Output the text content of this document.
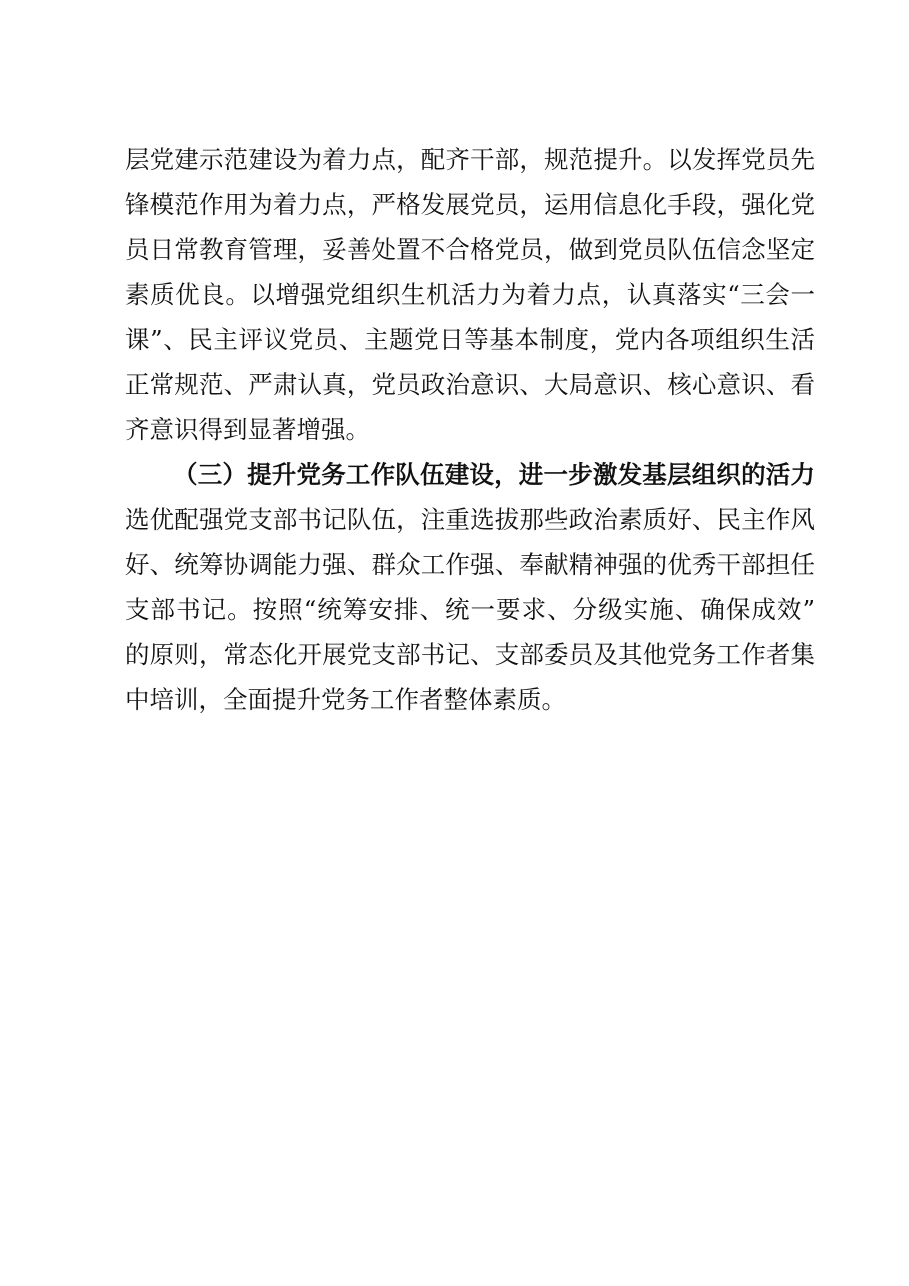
层党建示范建设为着力点，配齐干部，规范提升。以发挥党员先
锋模范作用为着力点，严格发展党员，运用信息化手段，强化党
员日常教育管理，妥善处置不合格党员，做到党员队伍信念坚定
素质优良。以增强党组织生机活力为着力点，认真落实“三会一
课”、民主评议党员、主题党日等基本制度，党内各项组织生活
正常规范、严肃认真，党员政治意识、大局意识、核心意识、看
齐意识得到显著增强。
（三）提升党务工作队伍建设，进一步激发基层组织的活力
选优配强党支部书记队伍，注重选拔那些政治素质好、民主作风
好、统筹协调能力强、群众工作强、奉献精神强的优秀干部担任
支部书记。按照“统筹安排、统一要求、分级实施、确保成效”
的原则，常态化开展党支部书记、支部委员及其他党务工作者集
中培训，全面提升党务工作者整体素质。
